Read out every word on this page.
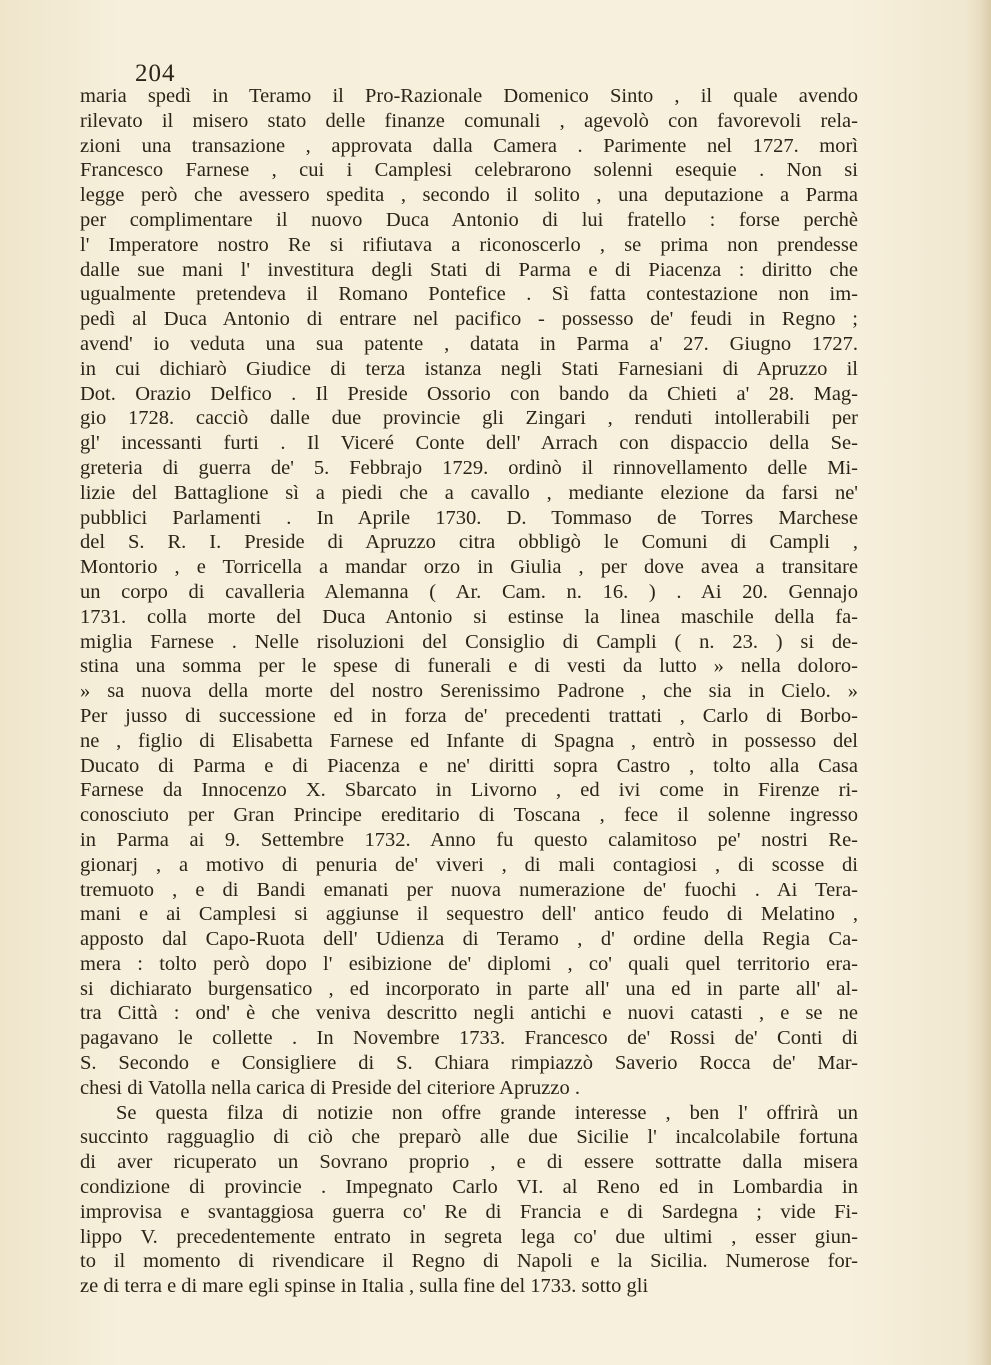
204
maria spedì in Teramo il Pro-Razionale Domenico Sinto , il quale avendo
rilevato il misero stato delle finanze comunali , agevolò con favorevoli rela-
zioni una transazione , approvata dalla Camera . Parimente nel 1727. morì
Francesco Farnese , cui i Camplesi celebrarono solenni esequie . Non si
legge però che avessero spedita , secondo il solito , una deputazione a Parma
per complimentare il nuovo Duca Antonio di lui fratello : forse perchè
l' Imperatore nostro Re si rifiutava a riconoscerlo , se prima non prendesse
dalle sue mani l' investitura degli Stati di Parma e di Piacenza : diritto che
ugualmente pretendeva il Romano Pontefice . Sì fatta contestazione non im-
pedì al Duca Antonio di entrare nel pacifico - possesso de' feudi in Regno ;
avend' io veduta una sua patente , datata in Parma a' 27. Giugno 1727.
in cui dichiarò Giudice di terza istanza negli Stati Farnesiani di Apruzzo il
Dot. Orazio Delfico . Il Preside Ossorio con bando da Chieti a' 28. Mag-
gio 1728. cacciò dalle due provincie gli Zingari , renduti intollerabili per
gl' incessanti furti . Il Viceré Conte dell' Arrach con dispaccio della Se-
greteria di guerra de' 5. Febbrajo 1729. ordinò il rinnovellamento delle Mi-
lizie del Battaglione sì a piedi che a cavallo , mediante elezione da farsi ne'
pubblici Parlamenti . In Aprile 1730. D. Tommaso de Torres Marchese
del S. R. I. Preside di Apruzzo citra obbligò le Comuni di Campli ,
Montorio , e Torricella a mandar orzo in Giulia , per dove avea a transitare
un corpo di cavalleria Alemanna ( Ar. Cam. n. 16. ) . Ai 20. Gennajo
1731. colla morte del Duca Antonio si estinse la linea maschile della fa-
miglia Farnese . Nelle risoluzioni del Consiglio di Campli ( n. 23. ) si de-
stina una somma per le spese di funerali e di vesti da lutto » nella doloro-
» sa nuova della morte del nostro Serenissimo Padrone , che sia in Cielo. »
Per jusso di successione ed in forza de' precedenti trattati , Carlo di Borbo-
ne , figlio di Elisabetta Farnese ed Infante di Spagna , entrò in possesso del
Ducato di Parma e di Piacenza e ne' diritti sopra Castro , tolto alla Casa
Farnese da Innocenzo X. Sbarcato in Livorno , ed ivi come in Firenze ri-
conosciuto per Gran Principe ereditario di Toscana , fece il solenne ingresso
in Parma ai 9. Settembre 1732. Anno fu questo calamitoso pe' nostri Re-
gionarj , a motivo di penuria de' viveri , di mali contagiosi , di scosse di
tremuoto , e di Bandi emanati per nuova numerazione de' fuochi . Ai Tera-
mani e ai Camplesi si aggiunse il sequestro dell' antico feudo di Melatino ,
apposto dal Capo-Ruota dell' Udienza di Teramo , d' ordine della Regia Ca-
mera : tolto però dopo l' esibizione de' diplomi , co' quali quel territorio era-
si dichiarato burgensatico , ed incorporato in parte all' una ed in parte all' al-
tra Città : ond' è che veniva descritto negli antichi e nuovi catasti , e se ne
pagavano le collette . In Novembre 1733. Francesco de' Rossi de' Conti di
S. Secondo e Consigliere di S. Chiara rimpiazzò Saverio Rocca de' Mar-
chesi di Vatolla nella carica di Preside del citeriore Apruzzo .
Se questa filza di notizie non offre grande interesse , ben l' offrirà un
succinto ragguaglio di ciò che preparò alle due Sicilie l' incalcolabile fortuna
di aver ricuperato un Sovrano proprio , e di essere sottratte dalla misera
condizione di provincie . Impegnato Carlo VI. al Reno ed in Lombardia in
improvisa e svantaggiosa guerra co' Re di Francia e di Sardegna ; vide Fi-
lippo V. precedentemente entrato in segreta lega co' due ultimi , esser giun-
to il momento di rivendicare il Regno di Napoli e la Sicilia. Numerose for-
ze di terra e di mare egli spinse in Italia , sulla fine del 1733. sotto gli
